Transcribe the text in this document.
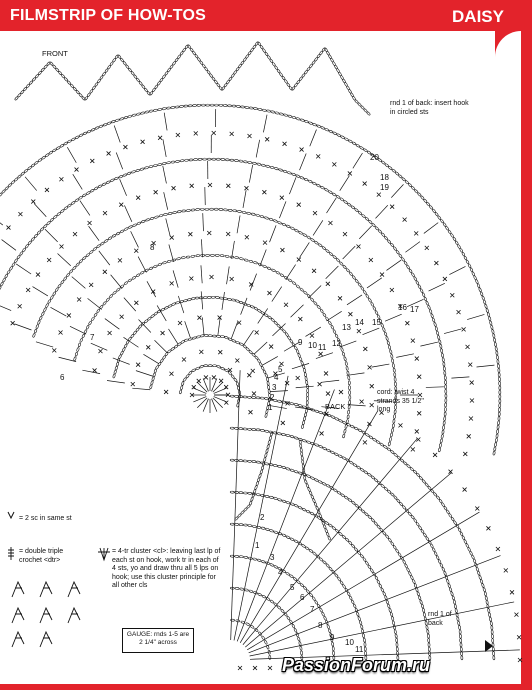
FILMSTRIP OF HOW-TOS	DAISY
1
2
3
4
5
6
7
8
9 10 11 12
13
14 15
16 17
18
19
20
1
2
3
4
5
6
7
8
9
10
11
FRONT
rnd 1 of back: insert hook in circled sts
BACK
cord: twist 4 strands 35 1/2" long
rnd 1 of back
= 2 sc in same st
= double triple crochet <dtr>
= 4-tr cluster <cl>: leaving last lp of each st on hook, work tr in each of 4 sts, yo and draw thru all 5 lps on hook; use this cluster principle for all other cls
GAUGE: rnds 1-5 are 2 1/4" across
PassionForum.ru
